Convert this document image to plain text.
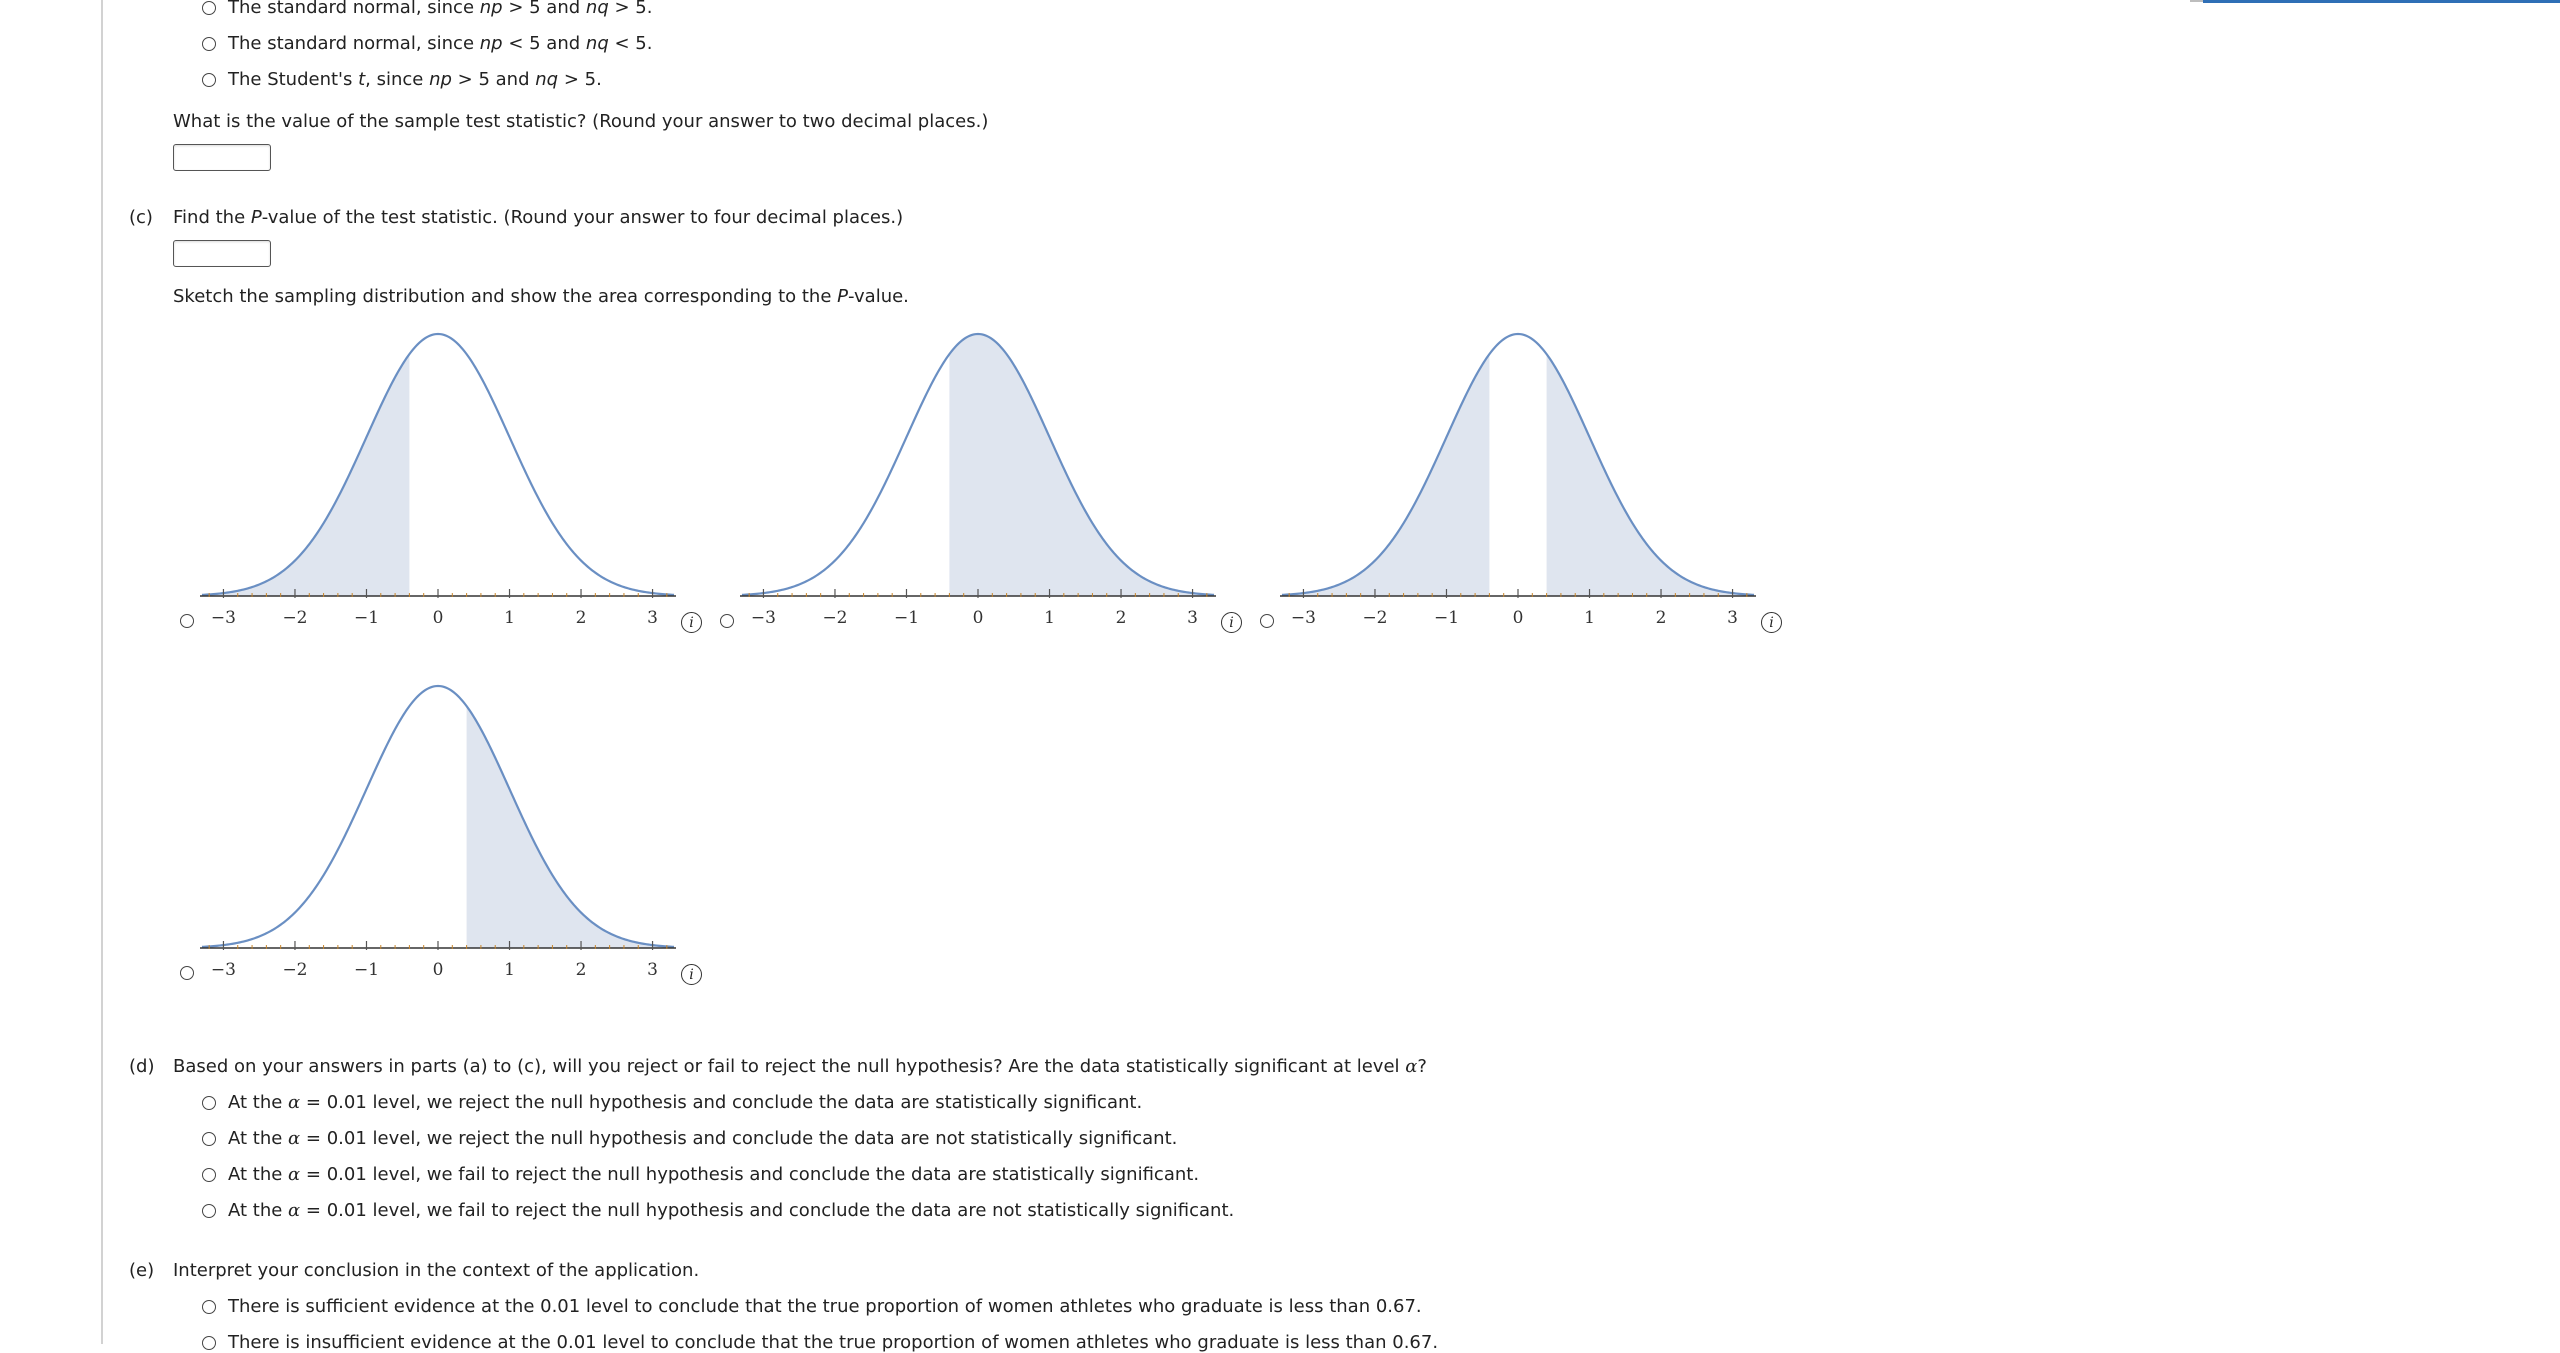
The standard normal, since np > 5 and nq > 5.
The standard normal, since np < 5 and nq < 5.
The Student's t, since np > 5 and nq > 5.
What is the value of the sample test statistic? (Round your answer to two decimal places.)
(c) Find the P-value of the test statistic. (Round your answer to four decimal places.)
Sketch the sampling distribution and show the area corresponding to the P-value.
−3	−2	−1	0	1	2	3 i	−3	−2	−1	0	1	2	3 i	−3	−2	−1	0	1	2	3 i
−3	−2	−1	0	1	2	3 i
(d) Based on your answers in parts (a) to (c), will you reject or fail to reject the null hypothesis? Are the data statistically significant at level α?
At the α = 0.01 level, we reject the null hypothesis and conclude the data are statistically significant.
At the α = 0.01 level, we reject the null hypothesis and conclude the data are not statistically significant.
At the α = 0.01 level, we fail to reject the null hypothesis and conclude the data are statistically significant.
At the α = 0.01 level, we fail to reject the null hypothesis and conclude the data are not statistically significant.
(e) Interpret your conclusion in the context of the application.
There is sufficient evidence at the 0.01 level to conclude that the true proportion of women athletes who graduate is less than 0.67.
There is insufficient evidence at the 0.01 level to conclude that the true proportion of women athletes who graduate is less than 0.67.
